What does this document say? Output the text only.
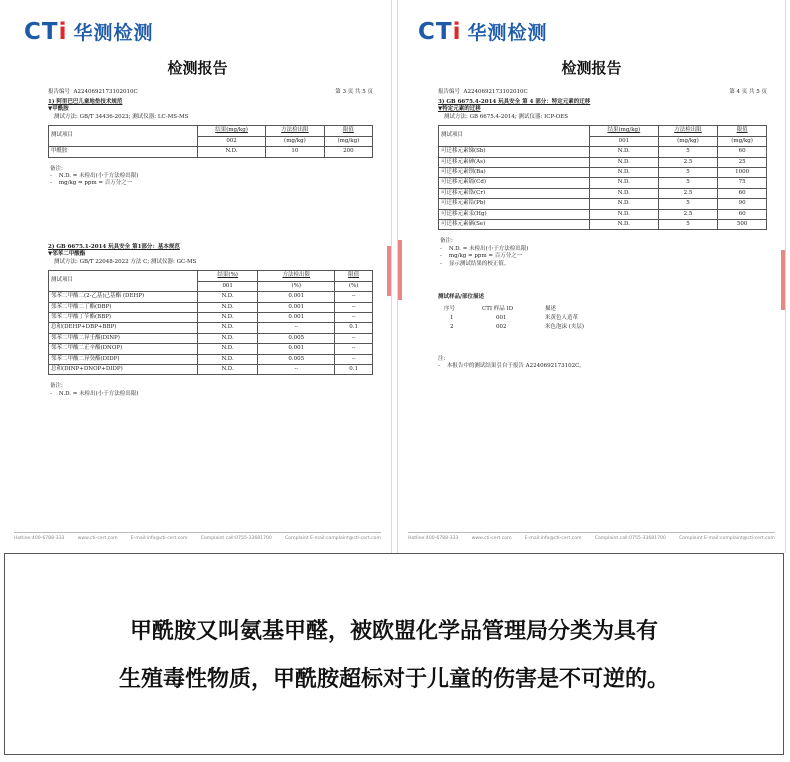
CTi 华测检测
检测报告
报告编号 A2240692173102010C	第 3 页 共 5 页
1) 阿里巴巴儿童地垫技术规范
▼甲酰胺
测试方法: GB/T 34436-2023; 测试仪器: LC-MS-MS
测试项目	结果(mg/kg)	方法检出限	限值
	002	(mg/kg)	(mg/kg)
甲酰胺	N.D.	10	200
备注:
-    N.D. = 未检出(小于方法检出限)
-    mg/kg = ppm = 百万分之一
2) GB 6675.1-2014 玩具安全 第1部分：基本规范
▼邻苯二甲酸酯
测试方法: GB/T 22048-2022 方法 C; 测试仪器: GC-MS
测试项目	结果(%)	方法检出限	限值
	001	(%)	(%)
邻苯二甲酸二(2-乙基)己基酯 (DEHP)	N.D.	0.001	--
邻苯二甲酸二丁酯(DBP)	N.D.	0.001	--
邻苯二甲酸丁苄酯(BBP)	N.D.	0.001	--
总和(DEHP+DBP+BBP)	N.D.	--	0.1
邻苯二甲酸二异壬酯(DINP)	N.D.	0.005	--
邻苯二甲酸二正辛酯(DNOP)	N.D.	0.001	--
邻苯二甲酸二异癸酯(DIDP)	N.D.	0.005	--
总和(DINP+DNOP+DIDP)	N.D.	--	0.1
备注:
-    N.D. = 未检出(小于方法检出限)
Hotline:400-6788-333	www.cti-cert.com	E-mail:info@cti-cert.com	Complaint call:0755-33681700	Complaint E-mail:complaint@cti-cert.com
CTi 华测检测
检测报告
报告编号 A2240692173102010C	第 4 页 共 5 页
3) GB 6675.4-2014 玩具安全 第 4 部分：特定元素的迁移
▼特定元素的迁移
测试方法: GB 6675.4-2014; 测试仪器: ICP-OES
测试项目	结果(mg/kg)	方法检出限	限值
	001	(mg/kg)	(mg/kg)
可迁移元素锑(Sb)	N.D.	5	60
可迁移元素砷(As)	N.D.	2.5	25
可迁移元素钡(Ba)	N.D.	5	1000
可迁移元素镉(Cd)	N.D.	5	75
可迁移元素铬(Cr)	N.D.	2.5	60
可迁移元素铅(Pb)	N.D.	5	90
可迁移元素汞(Hg)	N.D.	2.5	60
可迁移元素硒(Se)	N.D.	5	500
备注:
-    N.D. = 未检出(小于方法检出限)
-    mg/kg = ppm = 百万分之一
-    显示测试结果的校正值。
测试样品/部位描述
序号	CTI 样品 ID	描述
1	001	米黄色人造革
2	002	米色泡沫 (夹层)
注:
-    本报告中的测试结果引自于报告 A2240692173102C。
Hotline:400-6788-333	www.cti-cert.com	E-mail:info@cti-cert.com	Complaint call:0755-33681700	Complaint E-mail:complaint@cti-cert.com
甲酰胺又叫氨基甲醛，被欧盟化学品管理局分类为具有
生殖毒性物质，甲酰胺超标对于儿童的伤害是不可逆的。
